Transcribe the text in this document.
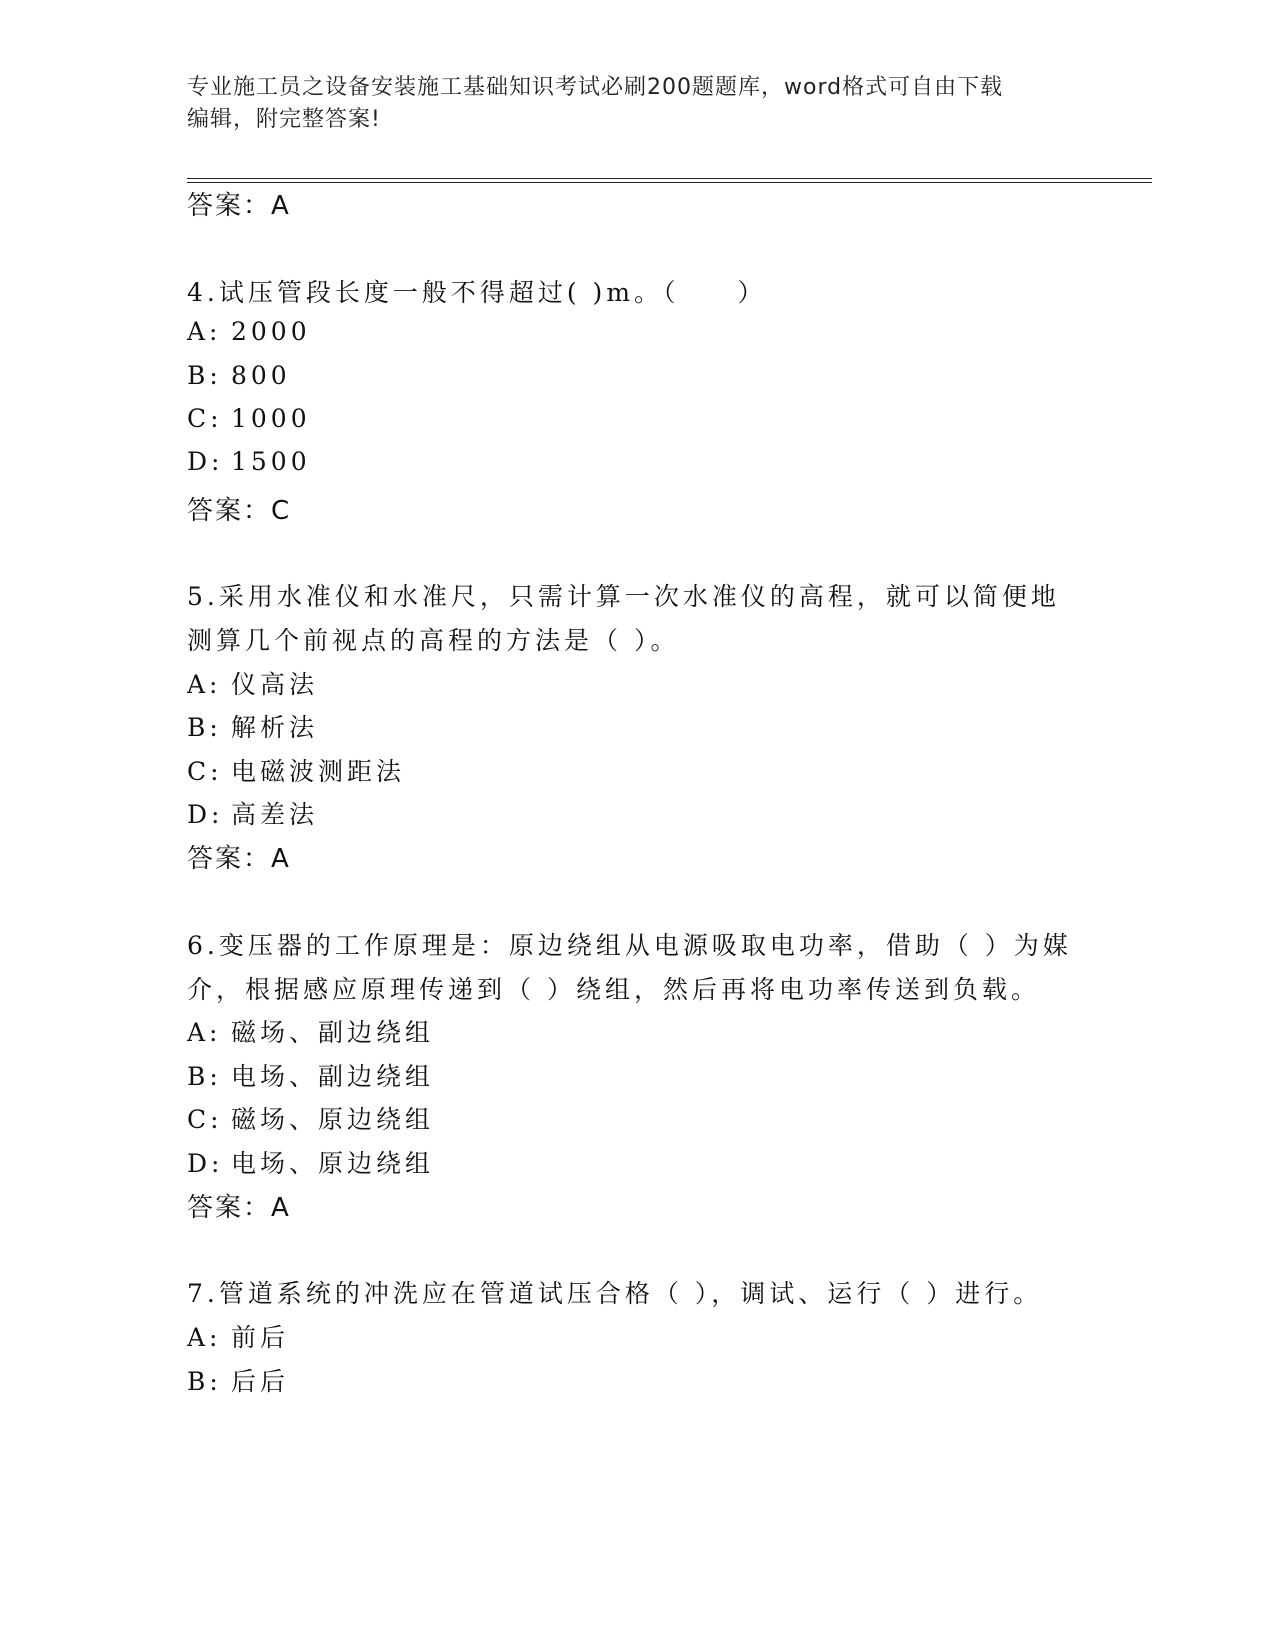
专业施工员之设备安装施工基础知识考试必刷200题题库，word格式可自由下载
编辑，附完整答案!
答案：A
4.试压管段长度一般不得超过( )m。（　　）
A: 2000
B: 800
C: 1000
D: 1500
答案：C
5.采用水准仪和水准尺，只需计算一次水准仪的高程，就可以简便地
测算几个前视点的高程的方法是（ ）。
A: 仪高法
B: 解析法
C: 电磁波测距法
D: 高差法
答案：A
6.变压器的工作原理是：原边绕组从电源吸取电功率，借助（ ）为媒
介，根据感应原理传递到（ ）绕组，然后再将电功率传送到负载。
A: 磁场、副边绕组
B: 电场、副边绕组
C: 磁场、原边绕组
D: 电场、原边绕组
答案：A
7.管道系统的冲洗应在管道试压合格（ ），调试、运行（ ）进行。
A: 前后
B: 后后
